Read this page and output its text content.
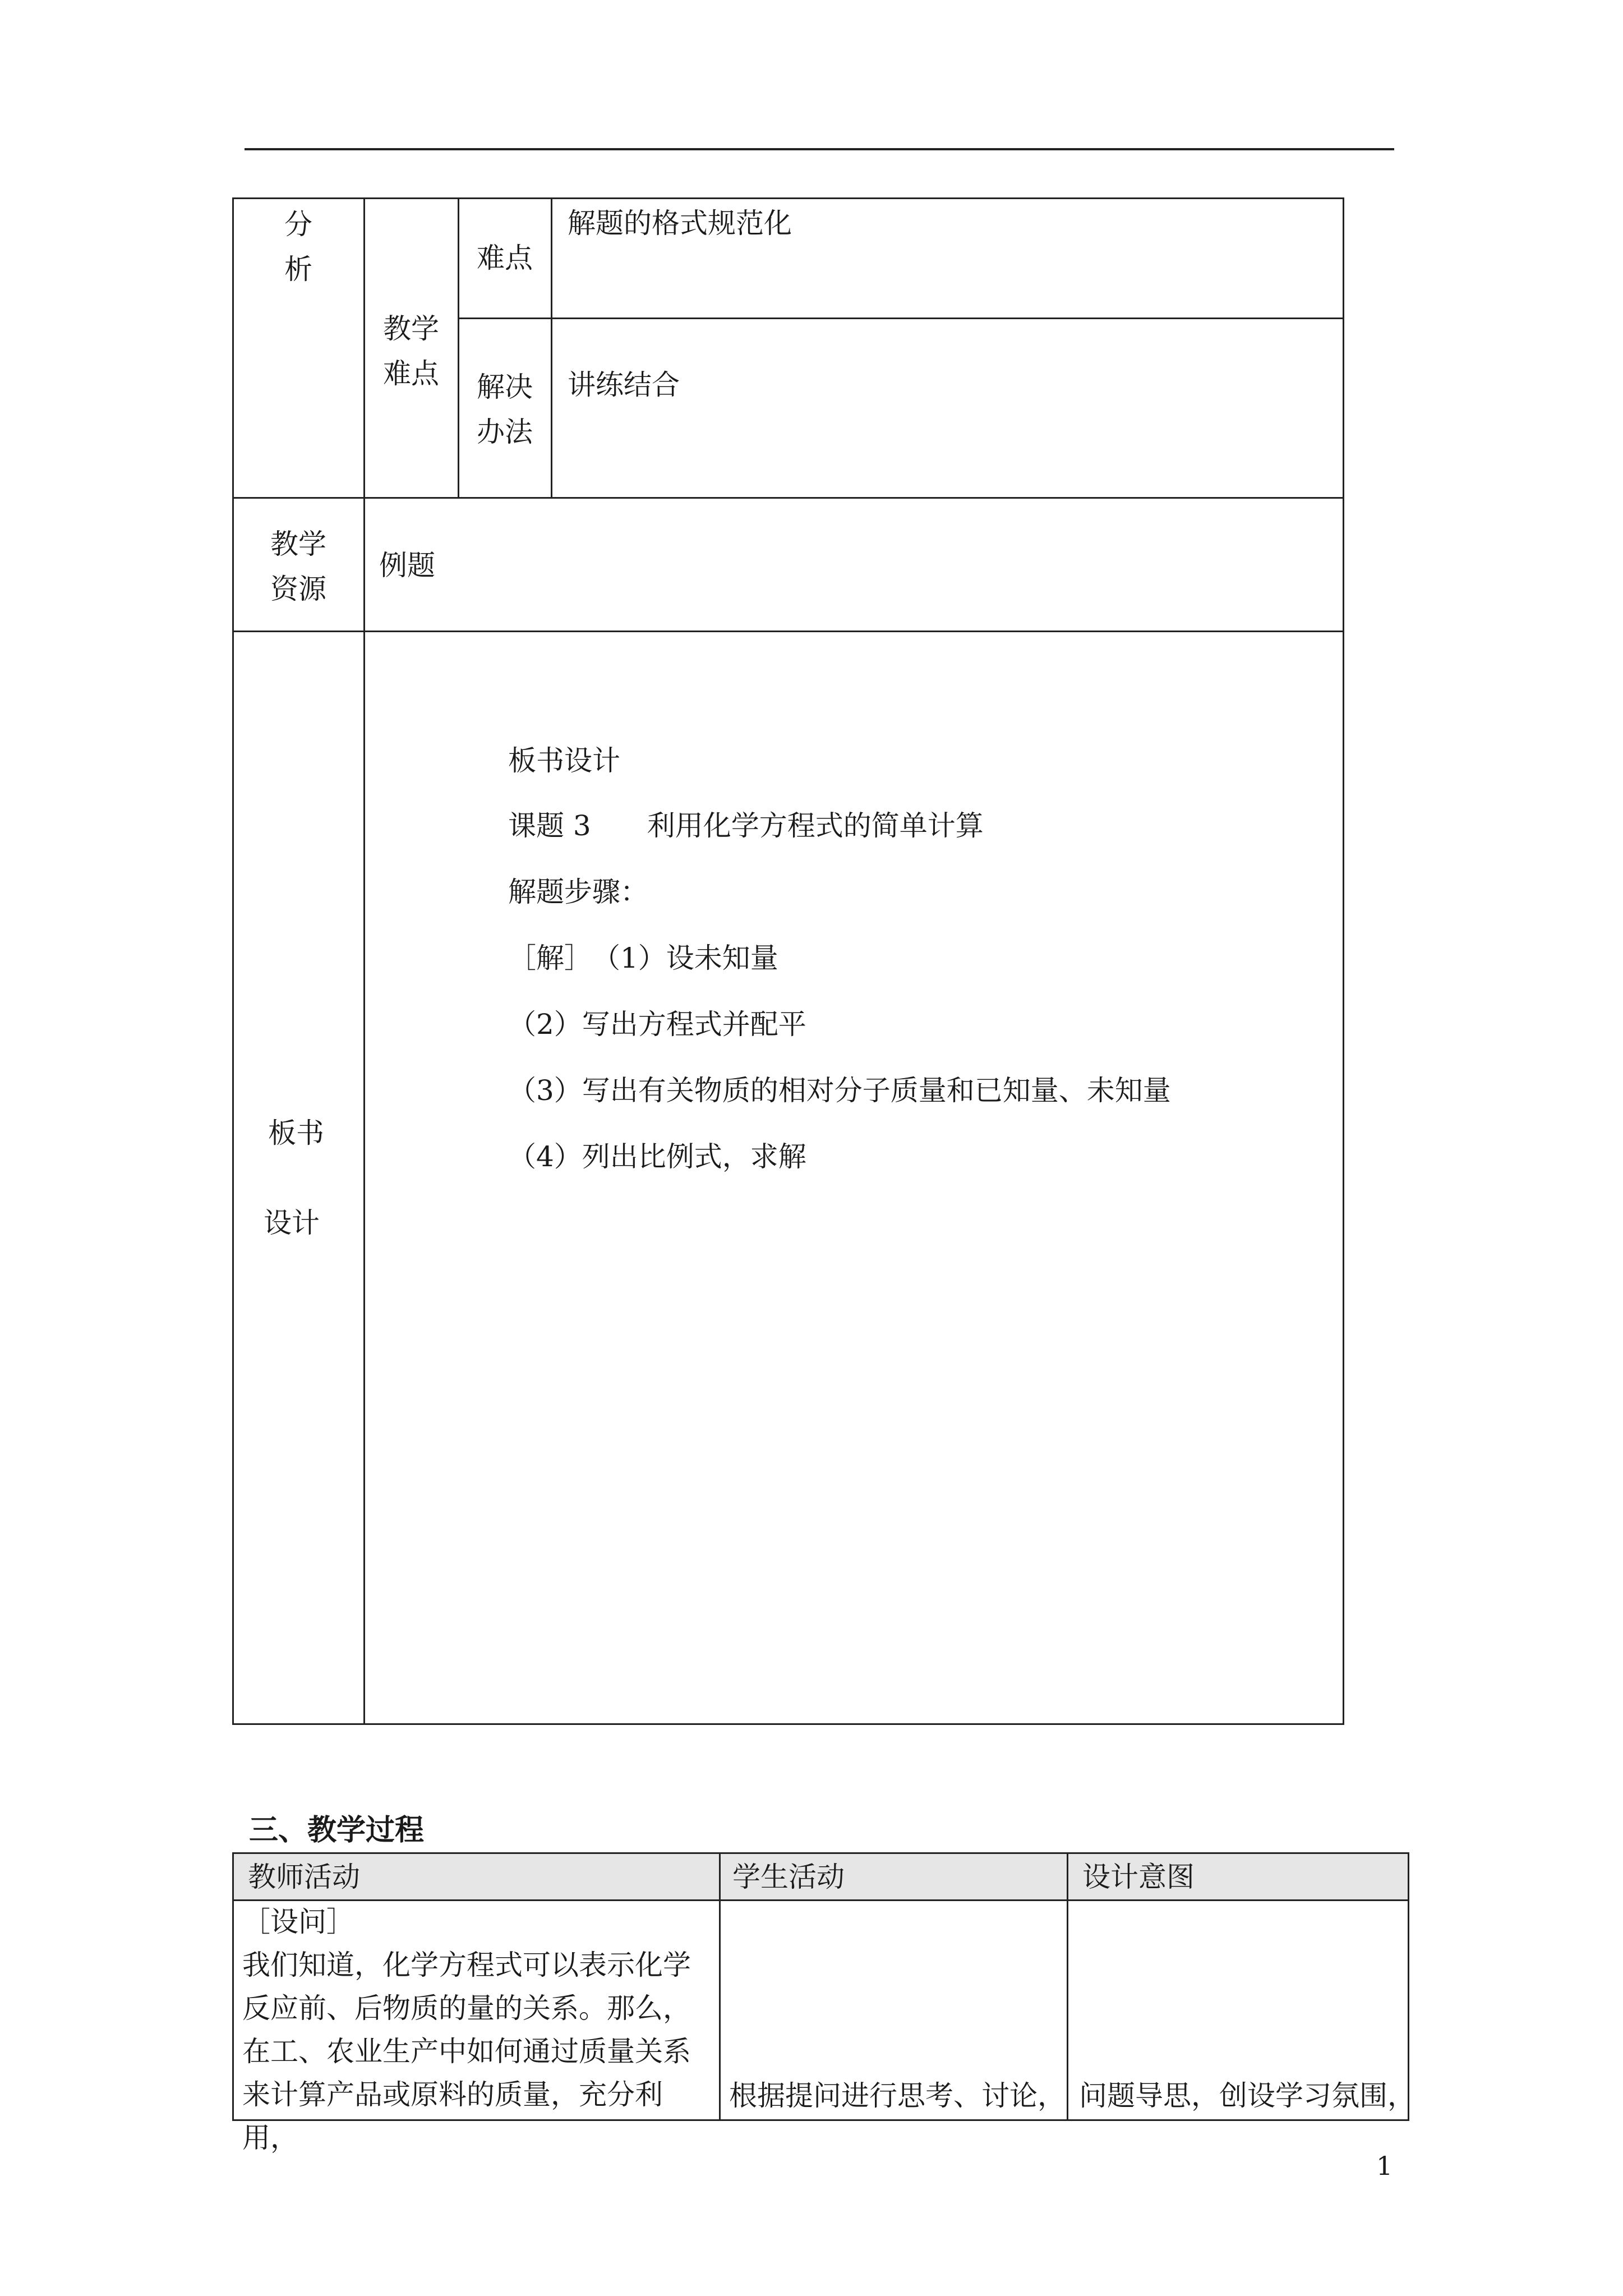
分
析
教学
难点
难点
解题的格式规范化
解决
办法
讲练结合
教学
资源
例题
板书
设计
板书设计
课题 3　　利用化学方程式的简单计算
解题步骤：
［解］　（1）设未知量
（2）写出方程式并配平
（3）写出有关物质的相对分子质量和已知量、未知量
（4）列出比例式，求解
三、教学过程
教师活动	学生活动	设计意图
［设问］
我们知道，化学方程式可以表示化学
反应前、后物质的量的关系。那么，
在工、农业生产中如何通过质量关系
来计算产品或原料的质量，充分利用，
根据提问进行思考、讨论， 问题导思，创设学习氛围，
1
